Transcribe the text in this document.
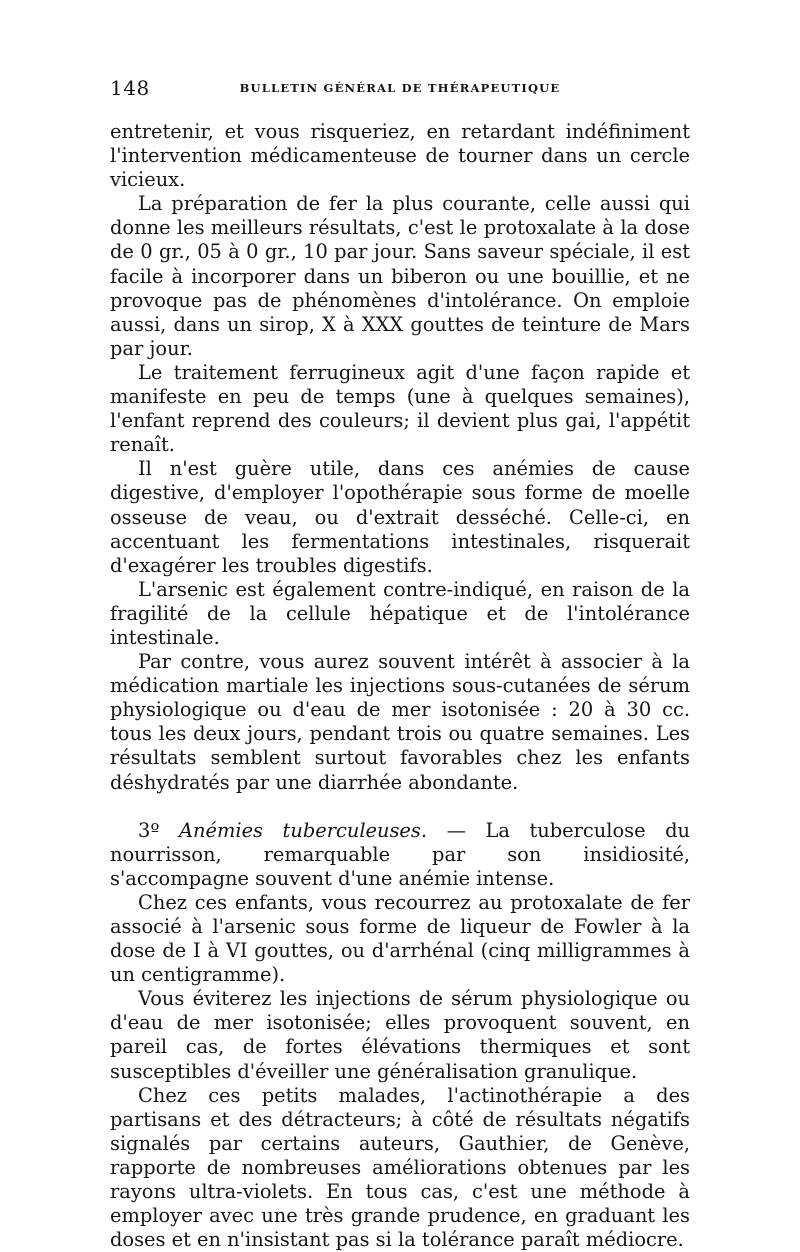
148	BULLETIN GÉNÉRAL DE THÉRAPEUTIQUE

entretenir, et vous risqueriez, en retardant indéfiniment l'intervention médicamenteuse de tourner dans un cercle vicieux.

La préparation de fer la plus courante, celle aussi qui donne les meilleurs résultats, c'est le protoxalate à la dose de 0 gr., 05 à 0 gr., 10 par jour. Sans saveur spéciale, il est facile à incorporer dans un biberon ou une bouillie, et ne provoque pas de phénomènes d'intolérance. On emploie aussi, dans un sirop, X à XXX gouttes de teinture de Mars par jour.

Le traitement ferrugineux agit d'une façon rapide et manifeste en peu de temps (une à quelques semaines), l'enfant reprend des couleurs; il devient plus gai, l'appétit renaît.

Il n'est guère utile, dans ces anémies de cause digestive, d'employer l'opothérapie sous forme de moelle osseuse de veau, ou d'extrait desséché. Celle-ci, en accentuant les fermentations intestinales, risquerait d'exagérer les troubles digestifs.

L'arsenic est également contre-indiqué, en raison de la fragilité de la cellule hépatique et de l'intolérance intestinale.

Par contre, vous aurez souvent intérêt à associer à la médication martiale les injections sous-cutanées de sérum physiologique ou d'eau de mer isotonisée : 20 à 30 cc. tous les deux jours, pendant trois ou quatre semaines. Les résultats semblent surtout favorables chez les enfants déshydratés par une diarrhée abondante.

3º Anémies tuberculeuses. — La tuberculose du nourrisson, remarquable par son insidiosité, s'accompagne souvent d'une anémie intense.

Chez ces enfants, vous recourrez au protoxalate de fer associé à l'arsenic sous forme de liqueur de Fowler à la dose de I à VI gouttes, ou d'arrhénal (cinq milligrammes à un centigramme).

Vous éviterez les injections de sérum physiologique ou d'eau de mer isotonisée; elles provoquent souvent, en pareil cas, de fortes élévations thermiques et sont susceptibles d'éveiller une généralisation granulique.

Chez ces petits malades, l'actinothérapie a des partisans et des détracteurs; à côté de résultats négatifs signalés par certains auteurs, Gauthier, de Genève, rapporte de nombreuses améliorations obtenues par les rayons ultra-violets. En tous cas, c'est une méthode à employer avec une très grande prudence, en graduant les doses et en n'insistant pas si la tolérance paraît médiocre.
